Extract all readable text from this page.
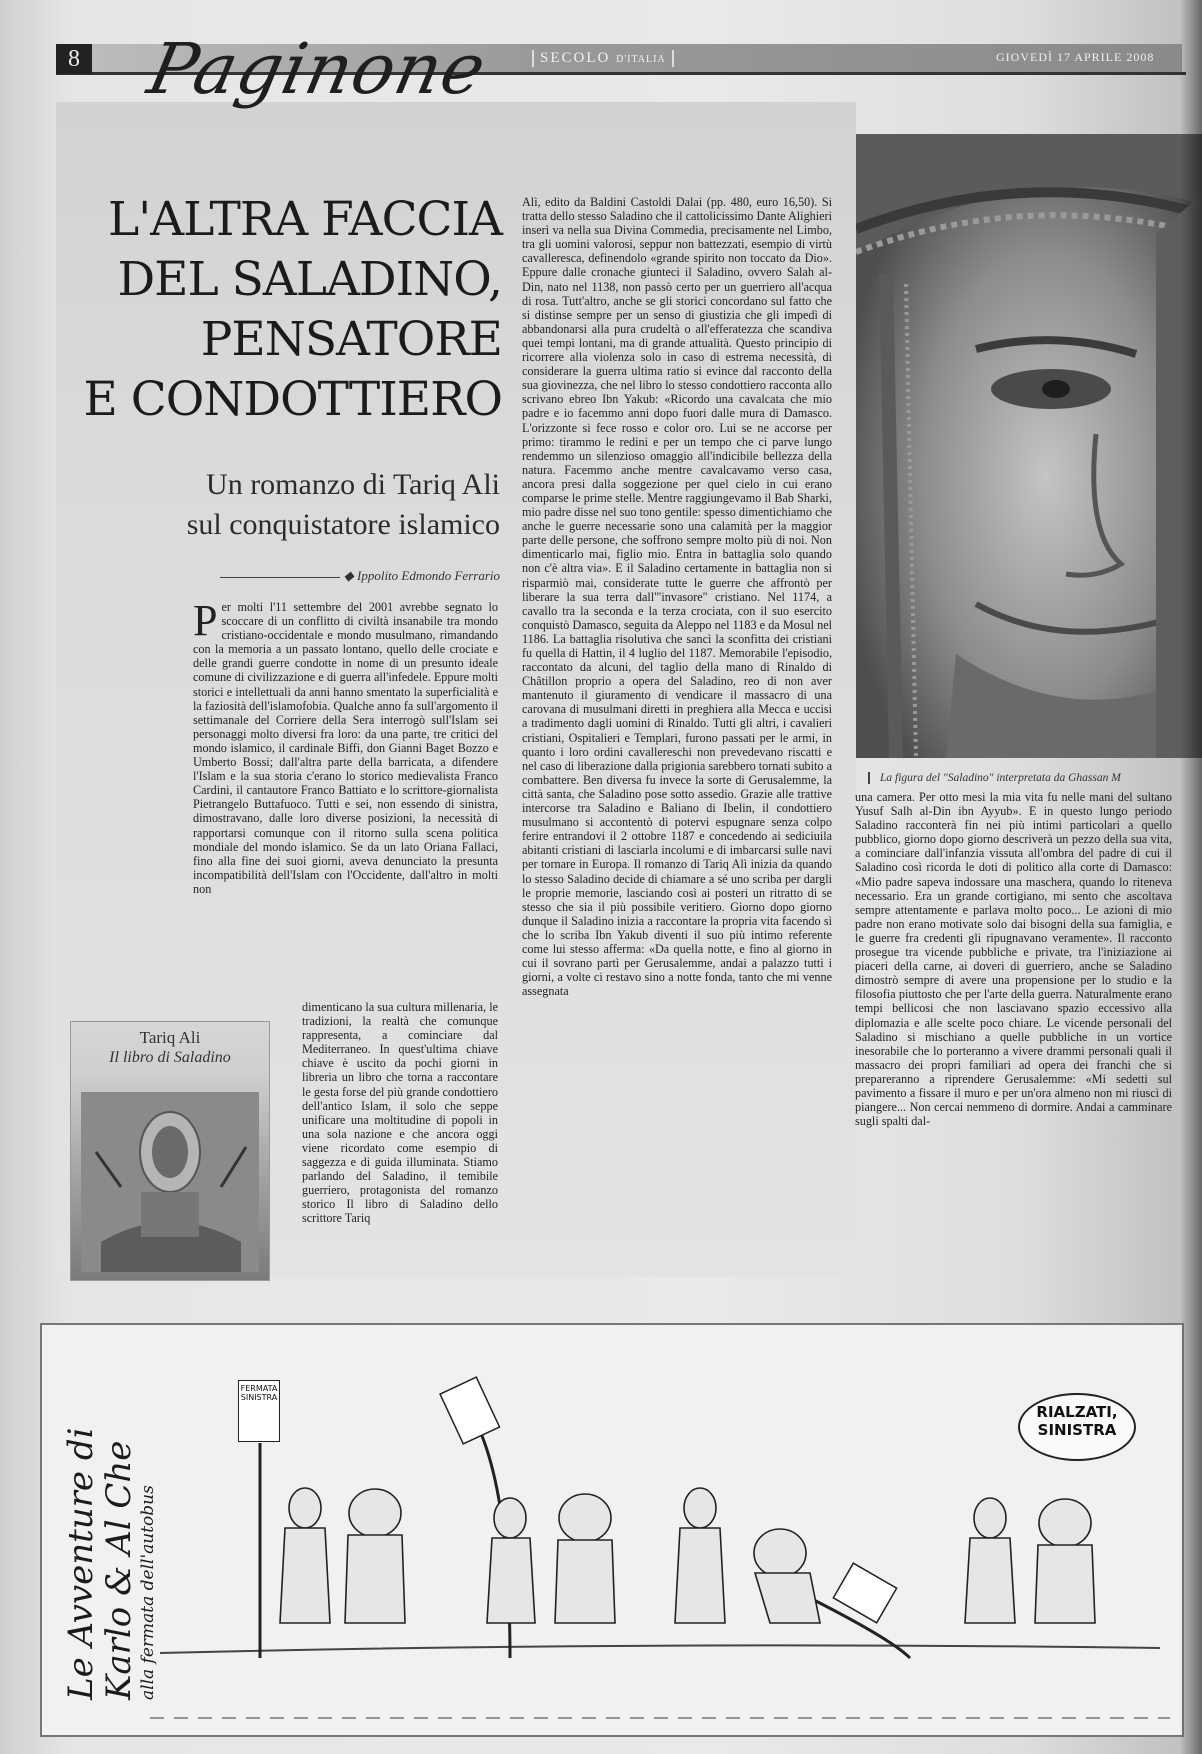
8 Paginone	SECOLO D'ITALIA	GIOVEDÌ 17 APRILE 2008
L'ALTRA FACCIA
DEL SALADINO,
PENSATORE
E CONDOTTIERO
Un romanzo di Tariq Ali
sul conquistatore islamico
◆ Ippolito Edmondo Ferrario

Per molti l'11 settembre del 2001 avrebbe segnato lo scoccare di un conflitto di civiltà insanabile tra mondo cristiano-occidentale e mondo musulmano, rimandando con la memoria a un passato lontano, quello delle crociate e delle grandi guerre condotte in nome di un presunto ideale comune di civilizzazione e di guerra all'infedele. Eppure molti storici e intellettuali da anni hanno smentato la superficialità e la faziosità dell'islamofobia. Qualche anno fa sull'argomento il settimanale del Corriere della Sera interrogò sull'Islam sei personaggi molto diversi fra loro: da una parte, tre critici del mondo islamico, il cardinale Biffi, don Gianni Baget Bozzo e Umberto Bossi; dall'altra parte della barricata, a difendere l'Islam e la sua storia c'erano lo storico medievalista Franco Cardini, il cantautore Franco Battiato e lo scrittore-giornalista Pietrangelo Buttafuoco. Tutti e sei, non essendo di sinistra, dimostravano, dalle loro diverse posizioni, la necessità di rapportarsi comunque con il ritorno sulla scena politica mondiale del mondo islamico. Se da un lato Oriana Fallaci, fino alla fine dei suoi giorni, aveva denunciato la presunta incompatibilità dell'Islam con l'Occidente, dall'altro in molti non

Tariq Ali
Il libro di Saladino

dimenticano la sua cultura millenaria, le tradizioni, la realtà che comunque rappresenta, a cominciare dal Mediterraneo. In quest'ultima chiave chiave è uscito da pochi giorni in libreria un libro che torna a raccontare le gesta forse del più grande condottiero dell'antico Islam, il solo che seppe unificare una moltitudine di popoli in una sola nazione e che ancora oggi viene ricordato come esempio di saggezza e di guida illuminata. Stiamo parlando del Saladino, il temibile guerriero, protagonista del romanzo storico Il libro di Saladino dello scrittore Tariq

Alì, edito da Baldini Castoldi Dalai (pp. 480, euro 16,50). Si tratta dello stesso Saladino che il cattolicissimo Dante Alighieri inserì va nella sua Divina Commedia, precisamente nel Limbo, tra gli uomini valorosi, seppur non battezzati, esempio di virtù cavalleresca, definendolo «grande spirito non toccato da Dio». Eppure dalle cronache giunteci il Saladino, ovvero Salah al-Din, nato nel 1138, non passò certo per un guerriero all'acqua di rosa. Tutt'altro, anche se gli storici concordano sul fatto che si distinse sempre per un senso di giustizia che gli impedì di abbandonarsi alla pura crudeltà o all'efferatezza che scandiva quei tempi lontani, ma di grande attualità. Questo principio di ricorrere alla violenza solo in caso di estrema necessità, di considerare la guerra ultima ratio si evince dal racconto della sua giovinezza, che nel libro lo stesso condottiero racconta allo scrivano ebreo Ibn Yakub: «Ricordo una cavalcata che mio padre e io facemmo anni dopo fuori dalle mura di Damasco. L'orizzonte si fece rosso e color oro. Lui se ne accorse per primo: tirammo le redini e per un tempo che ci parve lungo rendemmo un silenzioso omaggio all'indicibile bellezza della natura. Facemmo anche mentre cavalcavamo verso casa, ancora presi dalla soggezione per quel cielo in cui erano comparse le prime stelle. Mentre raggiungevamo il Bab Sharki, mio padre disse nel suo tono gentile: spesso dimentichiamo che anche le guerre necessarie sono una calamità per la maggior parte delle persone, che soffrono sempre molto più di noi. Non dimenticarlo mai, figlio mio. Entra in battaglia solo quando non c'è altra via». E il Saladino certamente in battaglia non si risparmiò mai, considerate tutte le guerre che affrontò per liberare la sua terra dall'"invasore" cristiano. Nel 1174, a cavallo tra la seconda e la terza crociata, con il suo esercito conquistò Damasco, seguita da Aleppo nel 1183 e da Mosul nel 1186. La battaglia risolutiva che sancì la sconfitta dei cristiani fu quella di Hattin, il 4 luglio del 1187. Memorabile l'episodio, raccontato da alcuni, del taglio della mano di Rinaldo di Châtillon proprio a opera del Saladino, reo di non aver mantenuto il giuramento di vendicare il massacro di una carovana di musulmani diretti in preghiera alla Mecca e uccisi a tradimento dagli uomini di Rinaldo. Tutti gli altri, i cavalieri cristiani, Ospitalieri e Templari, furono passati per le armi, in quanto i loro ordini cavallereschi non prevedevano riscatti e nel caso di liberazione dalla prigionia sarebbero tornati subito a combattere. Ben diversa fu invece la sorte di Gerusalemme, la città santa, che Saladino pose sotto assedio. Grazie alle trattive intercorse tra Saladino e Baliano di Ibelin, il condottiero musulmano si accontentò di potervi espugnare senza colpo ferire entrandovi il 2 ottobre 1187 e concedendo ai sediciuila abitanti cristiani di lasciarla incolumi e di imbarcarsi sulle navi per tornare in Europa. Il romanzo di Tariq Alì inizia da quando lo stesso Saladino decide di chiamare a sé uno scriba per dargli le proprie memorie, lasciando così ai posteri un ritratto di se stesso che sia il più possibile veritiero. Giorno dopo giorno dunque il Saladino inizia a raccontare la propria vita facendo sì che lo scriba Ibn Yakub diventi il suo più intimo referente come lui stesso afferma: «Da quella notte, e fino al giorno in cui il sovrano partì per Gerusalemme, andai a palazzo tutti i giorni, a volte ci restavo sino a notte fonda, tanto che mi venne assegnata

La figura del "Saladino" interpretata da Ghassan M

una camera. Per otto mesi la mia vita fu nelle mani del sultano Yusuf Salh al-Din ibn Ayyub». E in questo lungo periodo Saladino racconterà fin nei più intimi particolari a quello pubblico, giorno dopo giorno descriverà un pezzo della sua vita, a cominciare dall'infanzia vissuta all'ombra del padre di cui il Saladino così ricorda le doti di politico alla corte di Damasco: «Mio padre sapeva indossare una maschera, quando lo riteneva necessario. Era un grande cortigiano, mi sento che ascoltava sempre attentamente e parlava molto poco... Le azioni di mio padre non erano motivate solo dai bisogni della sua famiglia, e le guerre fra credenti gli ripugnavano veramente». Il racconto prosegue tra vicende pubbliche e private, tra l'iniziazione ai piaceri della carne, ai doveri di guerriero, anche se Saladino dimostrò sempre di avere una propensione per lo studio e la filosofia piuttosto che per l'arte della guerra. Naturalmente erano tempi bellicosi che non lasciavano spazio eccessivo alla diplomazia e alle scelte poco chiare. Le vicende personali del Saladino si mischiano a quelle pubbliche in un vortice inesorabile che lo porteranno a vivere drammi personali quali il massacro dei propri familiari ad opera dei franchi che si prepareranno a riprendere Gerusalemme: «Mi sedetti sul pavimento a fissare il muro e per un'ora almeno non mi riuscì di piangere... Non cercai nemmeno di dormire. Andai a camminare sugli spalti dal-

FERMATA SINISTRA
RIALZATI,
SINISTRA
Le Avventure di
Karlo & Al Che alla fermata dell'autobus
